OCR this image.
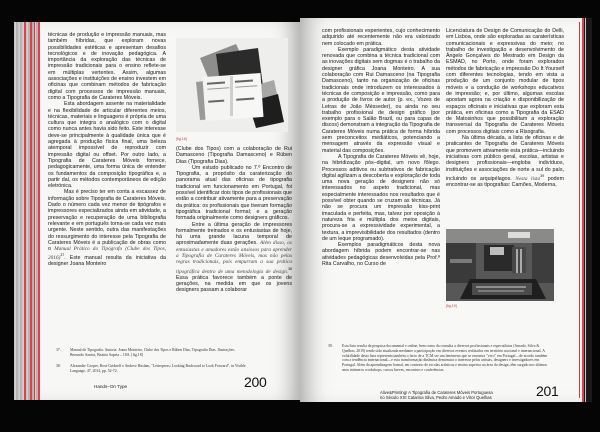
técnicas de produção e impressão manuais, mas também híbridas, que exploram novas possibilidades estéticas e apresentam desafios tecnológicos e de inovação pedagógica. A importância da exploração das técnicas de impressão tradicionais para o ensino reflete-se em múltiplas vertentes. Assim, algumas associações e instituições de ensino investem em oficinas que combinam métodos de fabricação digital com processos de impressão manuais, como a Tipografia de Carateres Móveis.

Esta abordagem assente na materialidade e na flexibilidade de articular diferentes meios, técnicas, materiais e linguagens é própria de uma cultura que integra o analógico com o digital como nunca antes havia sido feito. Este interesse deve-se principalmente à qualidade única que é agregada à produção física final, uma beleza atemporal impossível de reproduzir com impressão digital ou offset. Por outro lado, a Tipografia de Carateres Móveis fornece, pedagogicamente, uma forma única de entender os fundamentos da composição tipográfica e, a partir daí, os métodos contemporâneos de edição eletrónica.

Mas é preciso ter em conta a escassez de informação sobre Tipografia de Carateres Móveis. Dado o número cada vez menor de tipógrafos e impressores especializados ainda em atividade, a preservação e recuperação de uma bibliografia relevante e em português torna-se cada vez mais urgente. Neste sentido, outra das manifestações do ressurgimento do interesse pela Tipografia de Carateres Móveis é a publicação de obras como o Manual Prático do Tipógrafo (Clube dos Tipos, 2016)$^{37}$. Este manual resulta da iniciativa da designer Joana Monteiro

[fig.18]

(Clube dos Tipos) com a colaboração de Rui Damasceno (Tipografia Damasceno) e Rúben Dias (Tipografia Dias).

Um estudo publicado no 7.º Encontro de Tipografia, a propósito da caraterização do panorama atual das oficinas de tipografia tradicional em funcionamento em Portugal, foi possível identificar dois tipos de profissionais que estão a contribuir ativamente para a preservação da prática: os profissionais que tiveram formação tipográfica tradicional formal; e a geração formada originalmente como designers gráficos.

Entre a última geração de impressores formalmente treinados e os entusiastas de hoje, há uma grande lacuna temporal de aproximadamente duas gerações. Além disso, os entusiastas e amadores estão ansiosos para aprender a Tipografia de Carateres Móveis, mas não pelas regras tradicionais, pois empurram a sua prática tipográfica dentro de uma metodologia de design.$^{38}$ Essa prática favorece também a ponte de gerações, na medida em que os jovens designers passam a colaborar

37. Manual de Tipografia. Autoria: Joana Monteiro, Clube dos Tipos e Rúben Dias, Tipografia Dias. Ilustrações: Bernardo Santos, Beatriz Sapeta – 18A. [fig.18]
38. Alexander Cooper, Rose Gridneff e Andrew Haslam, "Letterpress: Looking Backward to Look Forward", in Visible Language, 47, 2014, pp. 52-72.
Hands–On Type	200

com profissionais experientes, cujo conhecimento adquirido até recentemente não era valorizado nem colocado em prática.

Exemplo paradigmático desta atividade renovada que combina a técnica tradicional com as inovações digitais sem dogmas é o trabalho da designer gráfica Joana Monteiro. A sua colaboração com Rui Damasceno (na Tipografia Damasceno), tanto na organização de oficinas tradicionais onde introduzem os interessados à técnicas de composição e impressão, como para a produção de livros de autor (p. ex., Vozes de Letras de João Mésseder), ou ainda no seu trabalho profissional de design gráfico (por exemplo para o Salão Brazil, ou para capas de discos) demonstram a integração da Tipografia de Carateres Móveis numa prática de forma híbrida sem preconceitos mediáticos, potenciando a mensagem através da expressão visual e material das composições.

A Tipografia de Carateres Móveis vê, hoje, na hibridização pós–digital, um novo fôlego. Processos aditivos ou subtrativos de fabricação digital agilizam a descoberta e exploração de toda uma nova geração de designers não só interessados no aspeto tradicional, mas especialmente interessados nos resultados que é possível obter quando se cruzam as técnicas. Já não se procura um impressão kiss-print imaculada e perfeita, mas, talvez por oposição à natureza fria e múltipla dos meios digitais, procura-se a expressividade experimental, a textura, a imprevisibilidade dos resultados (dentro de um leque programado).

Exemplos paradigmáticos desta nova abordagem híbrida podem encontrar-se nas atividades pedagógicas desenvolvidas pela Prof.ª Rita Carvalho, no Curso de

Licenciatura de Design de Comunicação do Delli, em Lisboa, onde são exploradas as caraterísticas comunicacionais e expressivas do meio; no trabalho de investigação e desenvolvimento de Ângelo Gonçalves do Mestrado em Design da ESMAD, no Porto, onde foram explorados métodos de fabricação e impressão Do It Yourself com diferentes tecnologias, tendo em vista a produção de um conjunto modular de tipos móveis e a condução de workshops educativos de impressão; e, por último, algumas escolas apostam agora na criação e disponibilização de espaços oficinais e iniciativas que exploram esta prática, em oficinas como a Tipografia da ESAD de Matosinhos que possibilitam a exploração transversal da Tipografia de Carateres Móveis com processos digitais como a Risografia.

Na última década, a lista de oficinas e de praticantes de Tipografia de Carateres Móveis que promovem ativamente esta prática—incluindo iniciativas com público geral, escolas, artistas e designers profissionais—engloba indivíduos, instituições e associações de norte a sul do país, incluindo os arquipélagos. Nesta lista$^{39}$ podem encontrar-se as tipografias: Camões, Moderna,

[fig.19]
39. Esta lista resulta da pesquisa documental e online, bem como da consulta a diversos profissionais e especialistas (Amado, Silva & Quelhas, 2019) tendo sido atualizada mediante a participação em diversos eventos realizados em território nacional e internacional. A volatilidade desta lista representa também o facto de a TCM ser um fenómeno que se encontra "vivo" em Portugal—de acordo também com a tendência internacional—e esta transformação dinâmica demonstra o interesse pelos artistas, designers e investigadores em Portugal. Além da aprendizagem formal, em contexto de escolas artísticas e ensino superior na área do design, têm surgido nos últimos anos inúmeros workshops, cursos breves, encontros e conferências.
Alive&Printing! A Tipografia de Carateres Móveis Portuguesa
no Século XXI Catarina Silva, Pedro Amado e Vítor Quelhas	201
